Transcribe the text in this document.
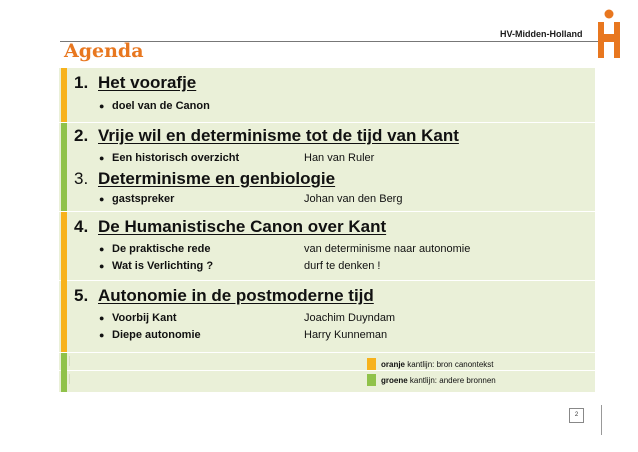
HV-Midden-Holland
Agenda
1. Het voorafje
● doel van de Canon
2. Vrije wil en determinisme tot de tijd van Kant
● Een historisch overzicht	Han van Ruler
3. Determinisme en genbiologie
● gastspreker	Johan van den Berg
4. De Humanistische Canon over Kant
● De praktische rede	van determinisme naar autonomie
● Wat is Verlichting ?	durf te denken !
5. Autonomie in de postmoderne tijd
● Voorbij Kant	Joachim Duyndam
● Diepe autonomie	Harry Kunneman
oranje kantlijn: bron canontekst
groene kantlijn: andere bronnen
2
